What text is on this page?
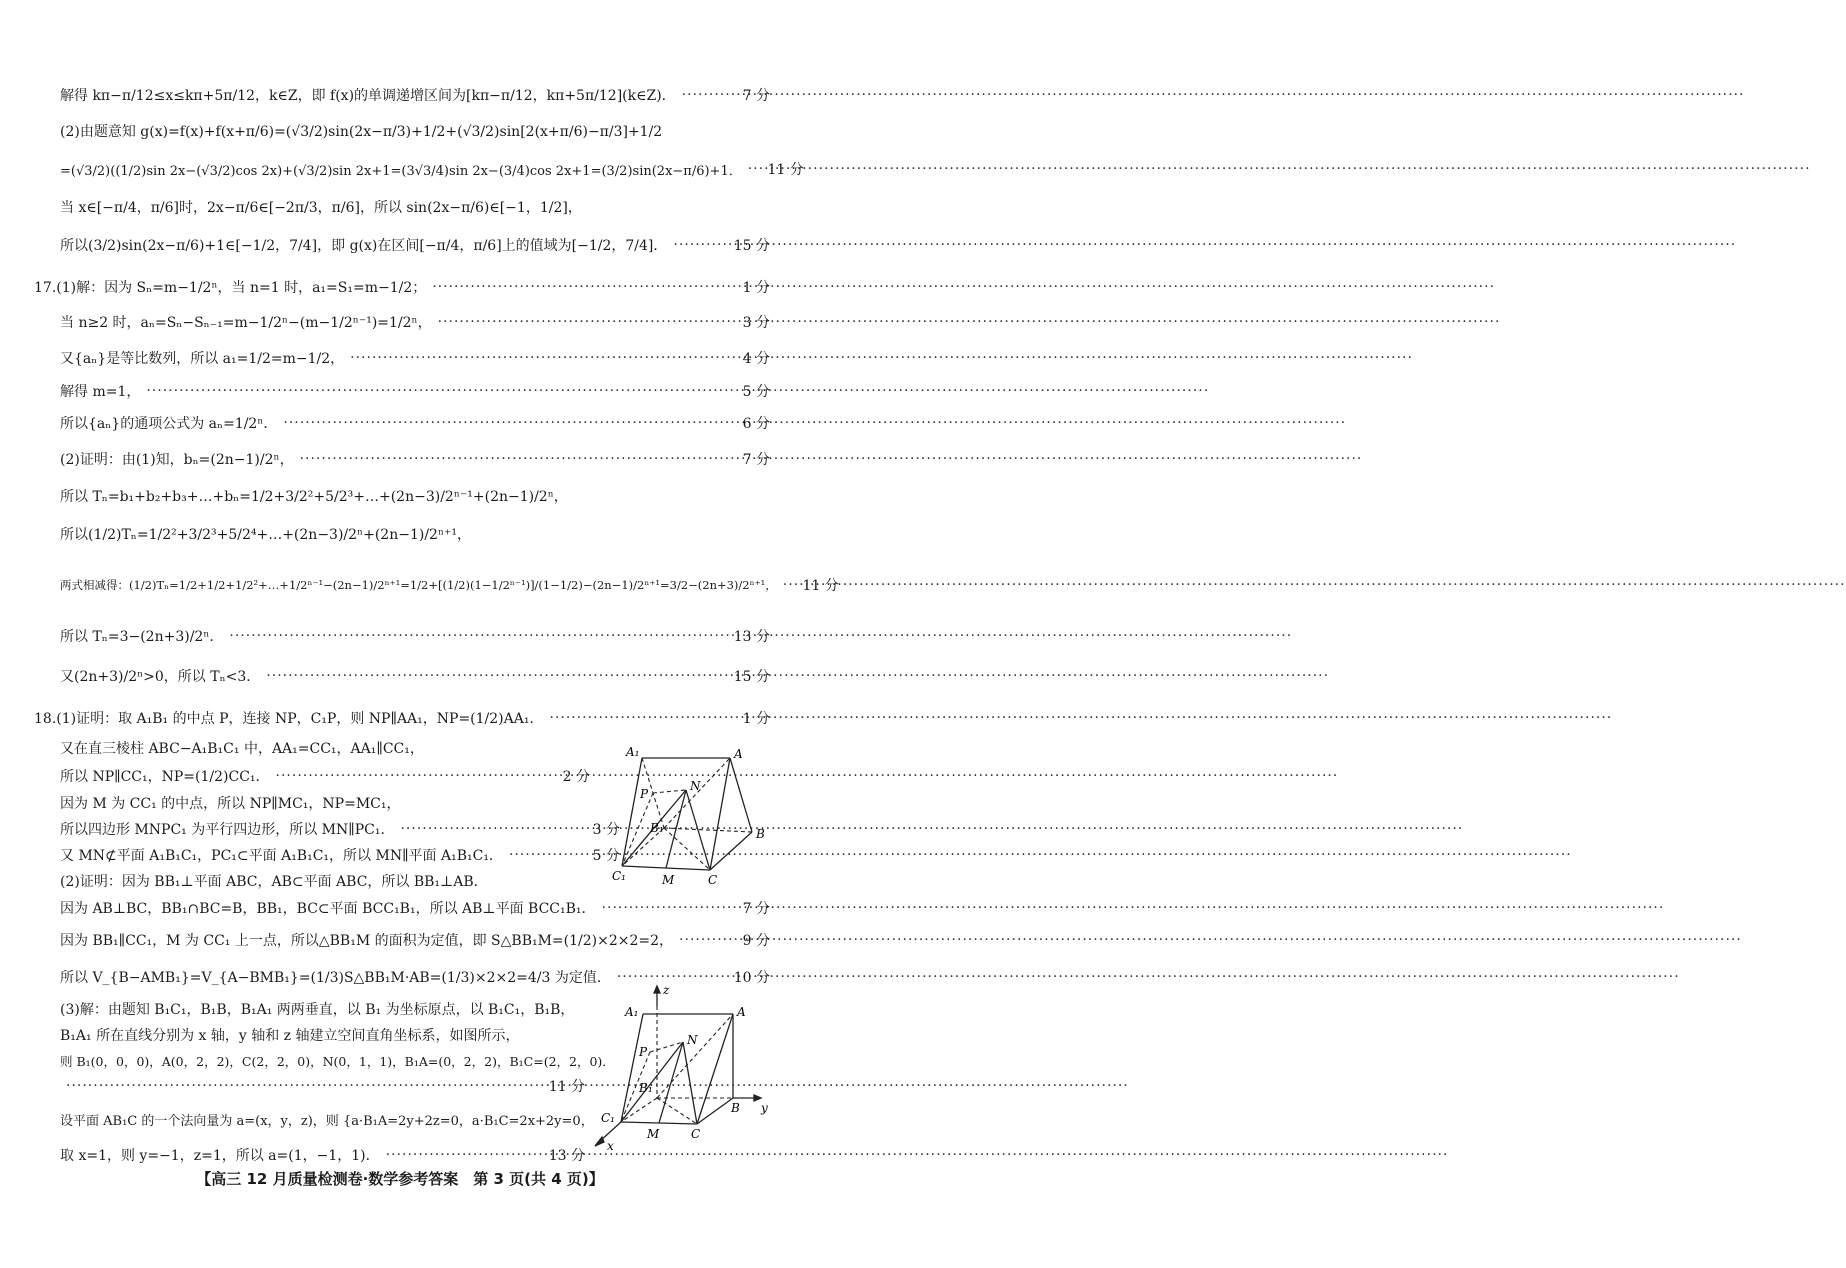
解得 kπ−π/12≤x≤kπ+5π/12，k∈Z，即 f(x)的单调递增区间为[kπ−π/12，kπ+5π/12](k∈Z)． ·····	7 分
(2)由题意知 g(x)=f(x)+f(x+π/6)=(√3/2)sin(2x−π/3)+1/2+(√3/2)sin[2(x+π/6)−π/3]+1/2
=(√3/2)((1/2)sin 2x−(√3/2)cos 2x)+(√3/2)sin 2x+1=(3√3/4)sin 2x−(3/4)cos 2x+1=(3/2)sin(2x−π/6)+1． ·····	11 分
当 x∈[−π/4，π/6]时，2x−π/6∈[−2π/3，π/6]，所以 sin(2x−π/6)∈[−1，1/2]，
所以(3/2)sin(2x−π/6)+1∈[−1/2，7/4]，即 g(x)在区间[−π/4，π/6]上的值域为[−1/2，7/4]． ·····	15 分
17.(1)解：因为 Sₙ=m−1/2ⁿ，当 n=1 时，a₁=S₁=m−1/2； ·····	1 分
当 n≥2 时，aₙ=Sₙ−Sₙ₋₁=m−1/2ⁿ−(m−1/2ⁿ⁻¹)=1/2ⁿ， ·····	3 分
又{aₙ}是等比数列，所以 a₁=1/2=m−1/2， ·····	4 分
解得 m=1， ·····	5 分
所以{aₙ}的通项公式为 aₙ=1/2ⁿ． ·····	6 分
(2)证明：由(1)知，bₙ=(2n−1)/2ⁿ， ·····	7 分
所以 Tₙ=b₁+b₂+b₃+…+bₙ=1/2+3/2²+5/2³+…+(2n−3)/2ⁿ⁻¹+(2n−1)/2ⁿ，
所以(1/2)Tₙ=1/2²+3/2³+5/2⁴+…+(2n−3)/2ⁿ+(2n−1)/2ⁿ⁺¹，
两式相减得：(1/2)Tₙ=1/2+1/2+1/2²+…+1/2ⁿ⁻¹−(2n−1)/2ⁿ⁺¹=1/2+[(1/2)(1−1/2ⁿ⁻¹)]/(1−1/2)−(2n−1)/2ⁿ⁺¹=3/2−(2n+3)/2ⁿ⁺¹， ·····	11 分
所以 Tₙ=3−(2n+3)/2ⁿ． ·····	13 分
又(2n+3)/2ⁿ>0，所以 Tₙ<3． ·····	15 分
18.(1)证明：取 A₁B₁ 的中点 P，连接 NP，C₁P，则 NP∥AA₁，NP=(1/2)AA₁． ·····	1 分
又在直三棱柱 ABC−A₁B₁C₁ 中，AA₁=CC₁，AA₁∥CC₁，
所以 NP∥CC₁，NP=(1/2)CC₁． ·····	2 分
因为 M 为 CC₁ 的中点，所以 NP∥MC₁，NP=MC₁，
所以四边形 MNPC₁ 为平行四边形，所以 MN∥PC₁． ·····	3 分
又 MN⊄平面 A₁B₁C₁，PC₁⊂平面 A₁B₁C₁，所以 MN∥平面 A₁B₁C₁． ·····	5 分
(2)证明：因为 BB₁⊥平面 ABC，AB⊂平面 ABC，所以 BB₁⊥AB．
因为 AB⊥BC，BB₁∩BC=B，BB₁，BC⊂平面 BCC₁B₁，所以 AB⊥平面 BCC₁B₁． ·····	7 分
因为 BB₁∥CC₁，M 为 CC₁ 上一点，所以△BB₁M 的面积为定值，即 S△BB₁M=(1/2)×2×2=2， ·····	9 分
所以 V_{B−AMB₁}=V_{A−BMB₁}=(1/3)S△BB₁M·AB=(1/3)×2×2=4/3 为定值． ·····	10 分
(3)解：由题知 B₁C₁，B₁B，B₁A₁ 两两垂直，以 B₁ 为坐标原点，以 B₁C₁，B₁B，
B₁A₁ 所在直线分别为 x 轴，y 轴和 z 轴建立空间直角坐标系，如图所示，
则 B₁(0，0，0)，A(0，2，2)，C(2，2，0)，N(0，1，1)，B₁A=(0，2，2)，B₁C=(2，2，0)．
·····
11 分
设平面 AB₁C 的一个法向量为 a=(x，y，z)，则 {a·B₁A=2y+2z=0，a·B₁C=2x+2y=0，
取 x=1，则 y=−1，z=1，所以 a=(1，−1，1)． ·····	13 分
A₁	A
P
N
B₁	B
C₁	M	C
z
A₁	A
P
N
B₁
B y
C₁
M	C
x
【高三 12 月质量检测卷·数学参考答案　第 3 页(共 4 页)】
